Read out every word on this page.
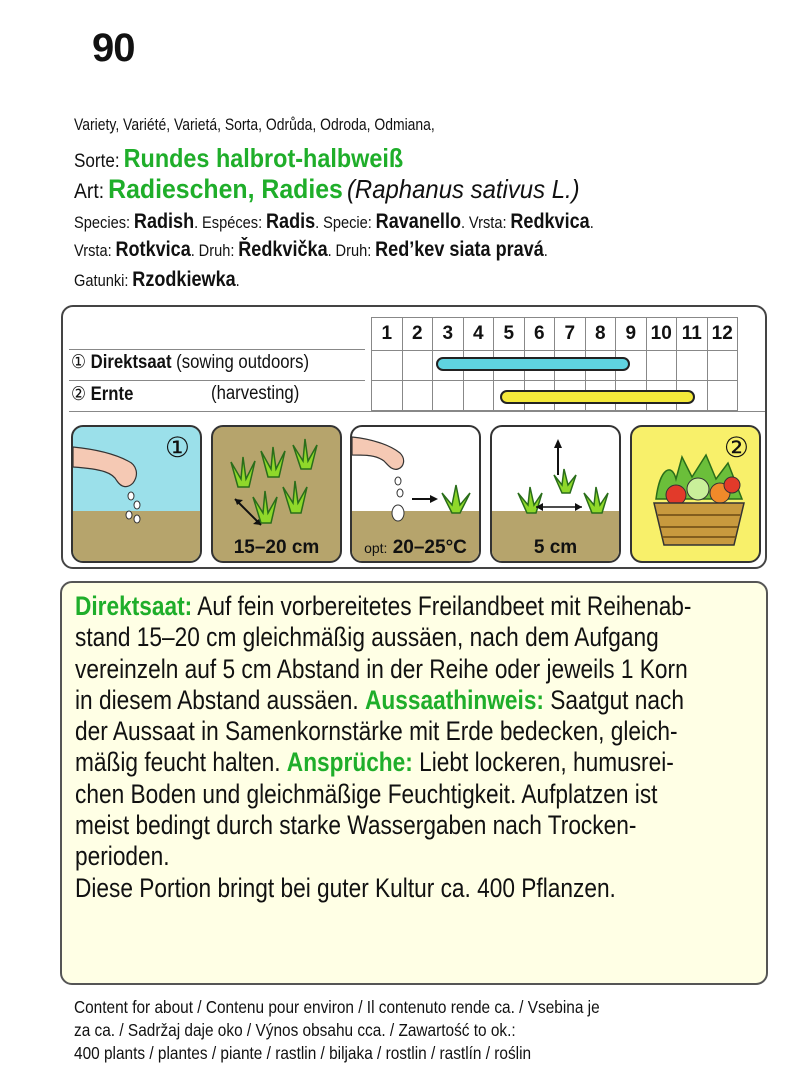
90
Variety, Variété, Varietá, Sorta, Odrůda, Odroda, Odmiana,
Sorte: Rundes halbrot-halbweiß
Art: Radieschen, Radies (Raphanus sativus L.)
Species: Radish. Espéces: Radis. Specie: Ravanello. Vrsta: Redkvica.
Vrsta: Rotkvica. Druh: Ředkvička. Druh: Red’kev siata pravá.
Gatunki: Rzodkiewka.
1	2	3	4	5	6	7	8	9	10	11	12

① Direktsaat (sowing outdoors)
② Ernte	(harvesting)
①
15–20 cm	opt: 20–25°C	5 cm
②
Direktsaat: Auf fein vorbereitetes Freilandbeet mit Reihenab-
stand 15–20 cm gleichmäßig aussäen, nach dem Aufgang
vereinzeln auf 5 cm Abstand in der Reihe oder jeweils 1 Korn
in diesem Abstand aussäen. Aussaathinweis: Saatgut nach
der Aussaat in Samenkornstärke mit Erde bedecken, gleich-
mäßig feucht halten. Ansprüche: Liebt lockeren, humusrei-
chen Boden und gleichmäßige Feuchtigkeit. Aufplatzen ist
meist bedingt durch starke Wassergaben nach Trocken-
perioden.
Diese Portion bringt bei guter Kultur ca. 400 Pflanzen.
Content for about / Contenu pour environ / Il contenuto rende ca. / Vsebina je
za ca. / Sadržaj daje oko / Výnos obsahu cca. / Zawartość to ok.:
400 plants / plantes / piante / rastlin / biljaka / rostlin / rastlín / roślin
